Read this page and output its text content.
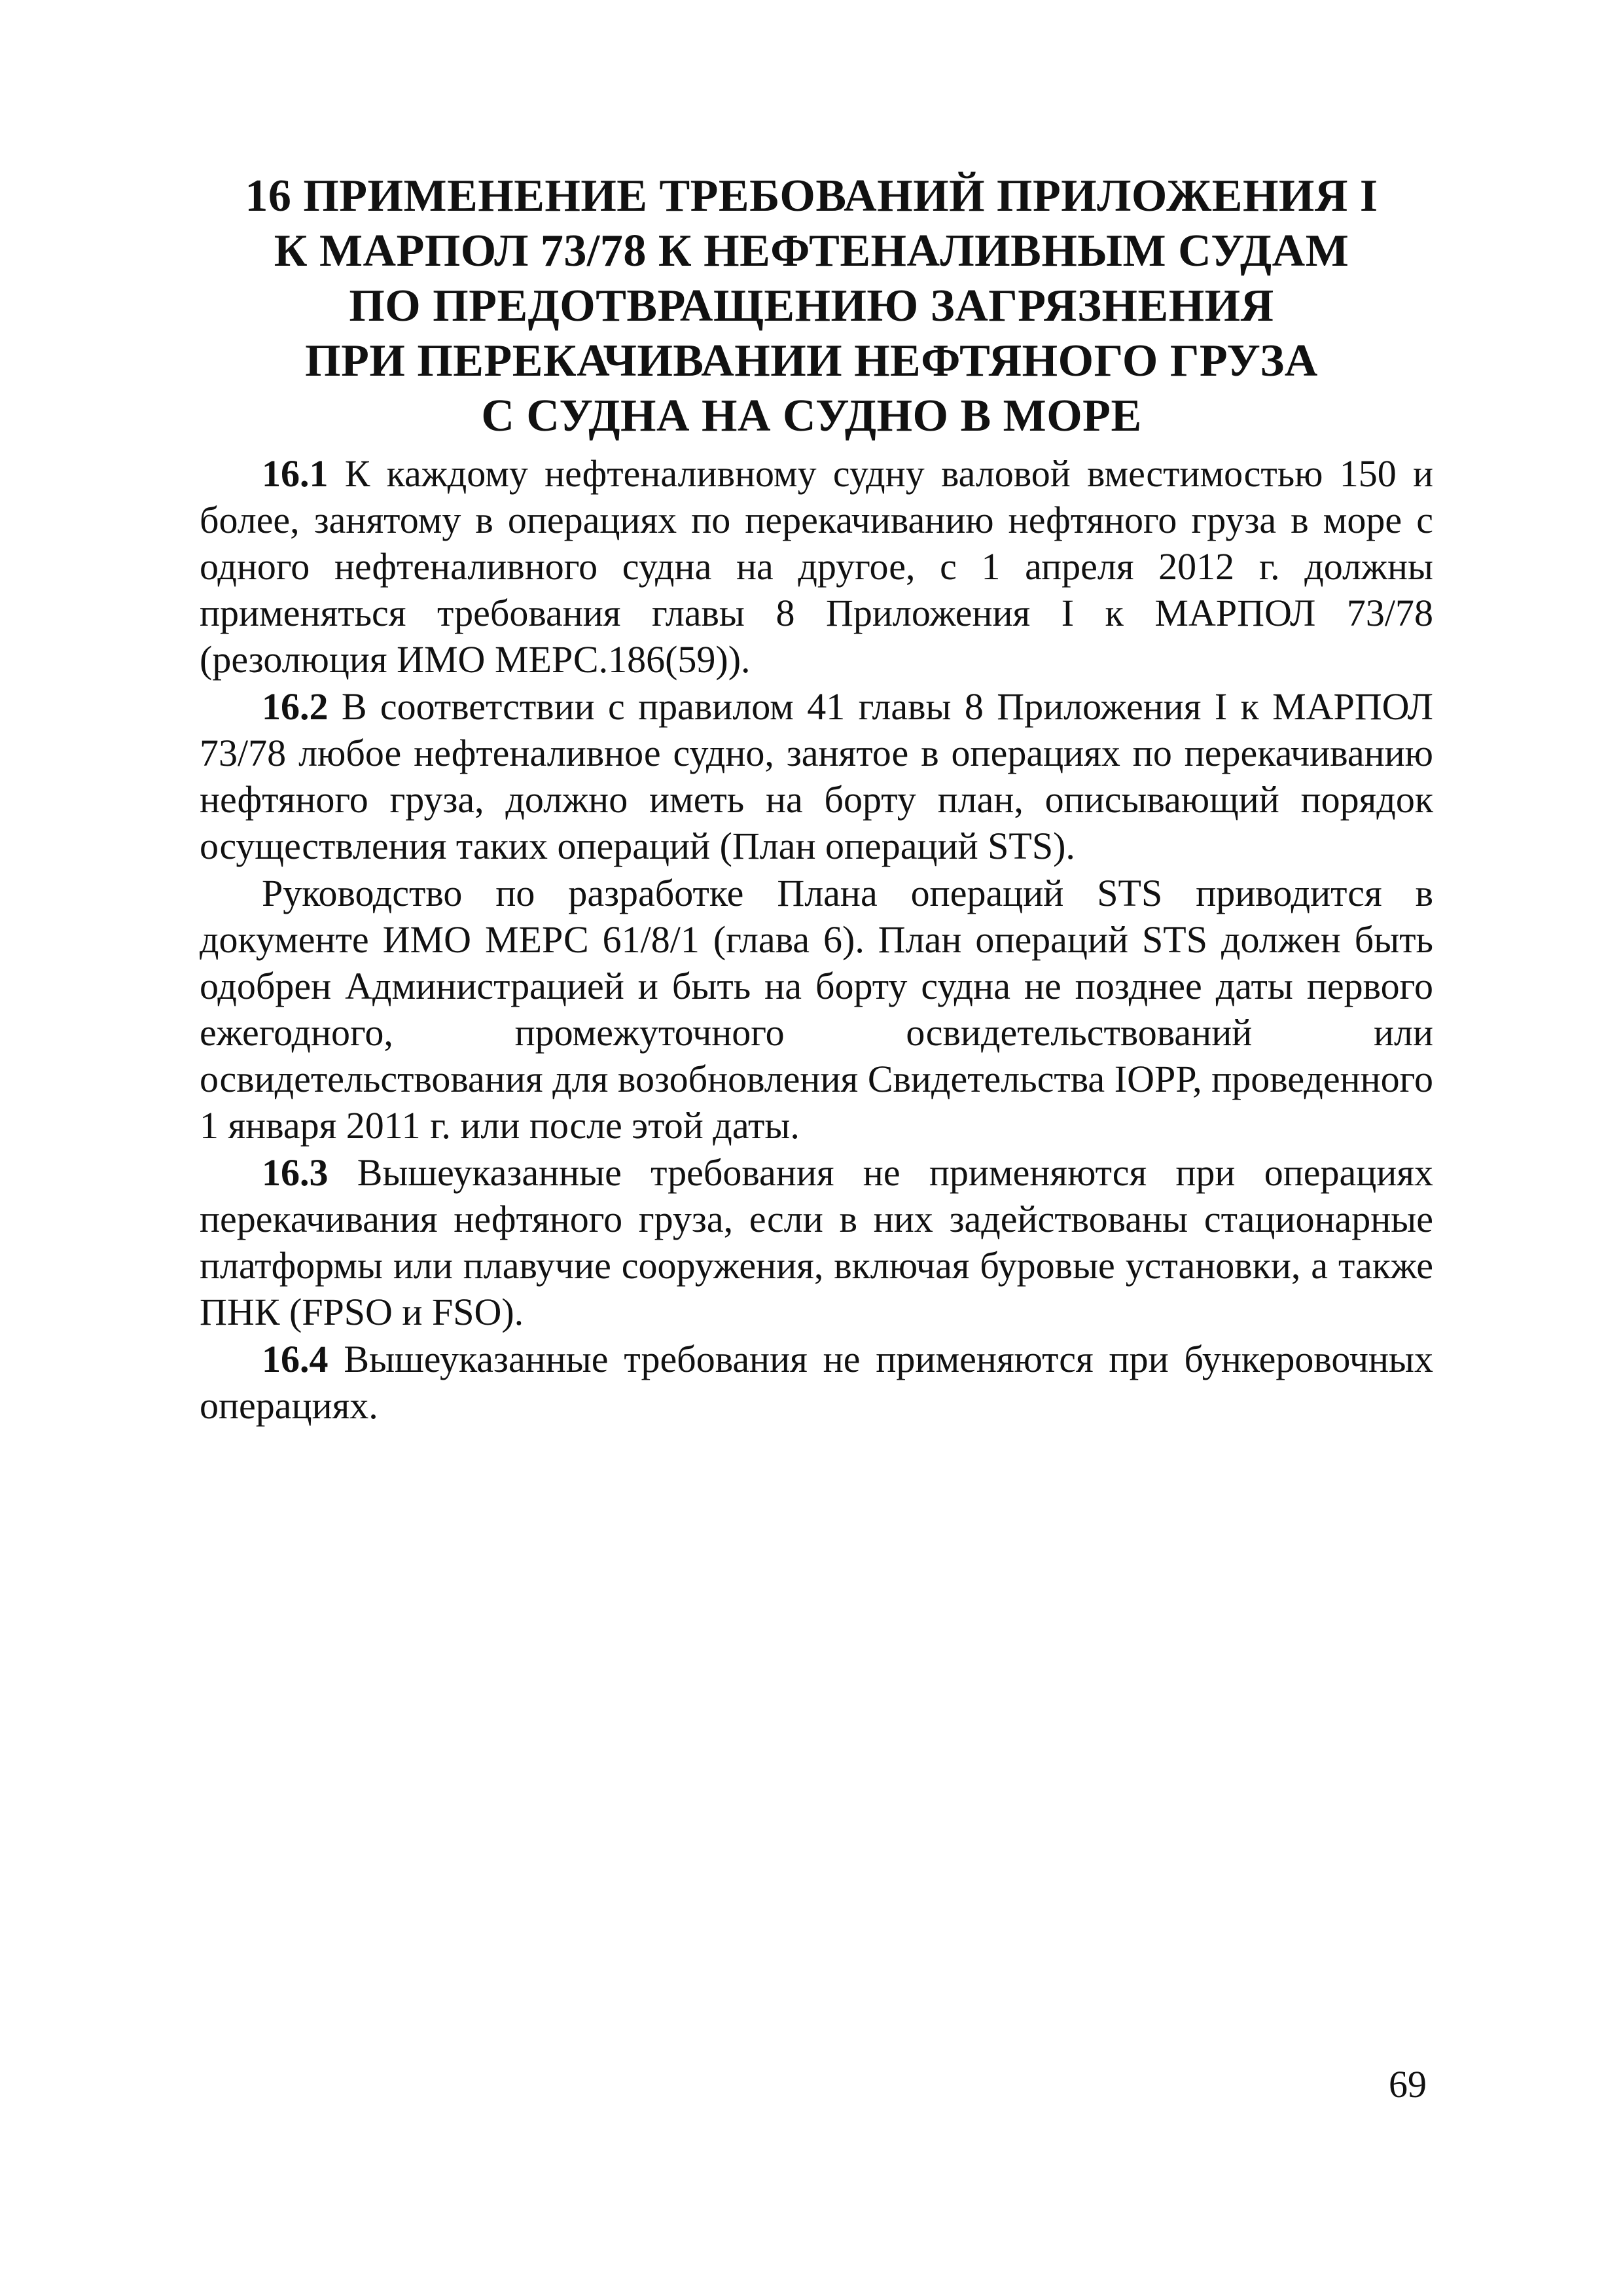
16 ПРИМЕНЕНИЕ ТРЕБОВАНИЙ ПРИЛОЖЕНИЯ I
К МАРПОЛ 73/78 К НЕФТЕНАЛИВНЫМ СУДАМ
ПО ПРЕДОТВРАЩЕНИЮ ЗАГРЯЗНЕНИЯ
ПРИ ПЕРЕКАЧИВАНИИ НЕФТЯНОГО ГРУЗА
С СУДНА НА СУДНО В МОРЕ

16.1 К каждому нефтеналивному судну валовой вместимостью 150 и более, занятому в операциях по перекачиванию нефтяного груза в море с одного нефтеналивного судна на другое, с 1 апреля 2012 г. должны применяться требования главы 8 Приложения I к МАРПОЛ 73/78 (резолюция ИМО МЕРС.186(59)).

16.2 В соответствии с правилом 41 главы 8 Приложения I к МАРПОЛ 73/78 любое нефтеналивное судно, занятое в операциях по перекачиванию нефтяного груза, должно иметь на борту план, описывающий порядок осуществления таких операций (План операций STS).

Руководство по разработке Плана операций STS приводится в документе ИМО МЕРС 61/8/1 (глава 6). План операций STS должен быть одобрен Администрацией и быть на борту судна не позднее даты первого ежегодного, промежуточного освидетельствований или освидетельствования для возобновления Свидетельства IOPP, проведенного 1 января 2011 г. или после этой даты.

16.3 Вышеуказанные требования не применяются при операциях перекачивания нефтяного груза, если в них задействованы стационарные платформы или плавучие сооружения, включая буровые установки, а также ПНК (FPSO и FSO).

16.4 Вышеуказанные требования не применяются при бункеровочных операциях.

69
